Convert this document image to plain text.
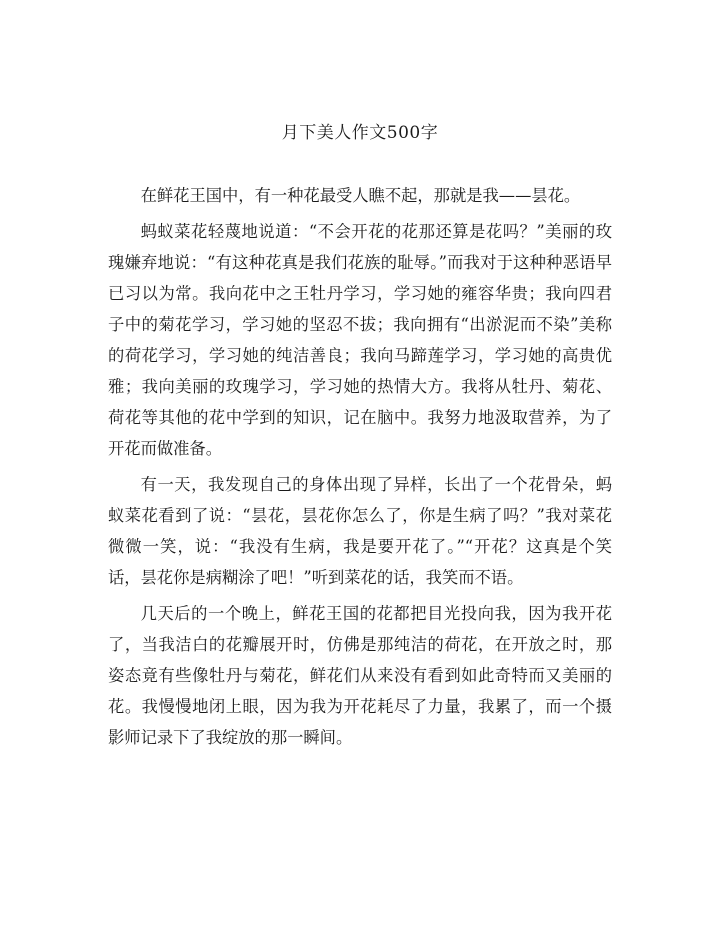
月下美人作文500字

在鲜花王国中，有一种花最受人瞧不起，那就是我——昙花。

蚂蚁菜花轻蔑地说道：“不会开花的花那还算是花吗？”美丽的玫瑰嫌弃地说：“有这种花真是我们花族的耻辱。”而我对于这种种恶语早已习以为常。我向花中之王牡丹学习，学习她的雍容华贵；我向四君子中的菊花学习，学习她的坚忍不拔；我向拥有“出淤泥而不染”美称的荷花学习，学习她的纯洁善良；我向马蹄莲学习，学习她的高贵优雅；我向美丽的玫瑰学习，学习她的热情大方。我将从牡丹、菊花、荷花等其他的花中学到的知识，记在脑中。我努力地汲取营养，为了开花而做准备。

有一天，我发现自己的身体出现了异样，长出了一个花骨朵，蚂蚁菜花看到了说：“昙花，昙花你怎么了，你是生病了吗？”我对菜花微微一笑，说：“我没有生病，我是要开花了。”“开花？这真是个笑话，昙花你是病糊涂了吧！”听到菜花的话，我笑而不语。

几天后的一个晚上，鲜花王国的花都把目光投向我，因为我开花了，当我洁白的花瓣展开时，仿佛是那纯洁的荷花，在开放之时，那姿态竟有些像牡丹与菊花，鲜花们从来没有看到如此奇特而又美丽的花。我慢慢地闭上眼，因为我为开花耗尽了力量，我累了，而一个摄影师记录下了我绽放的那一瞬间。
